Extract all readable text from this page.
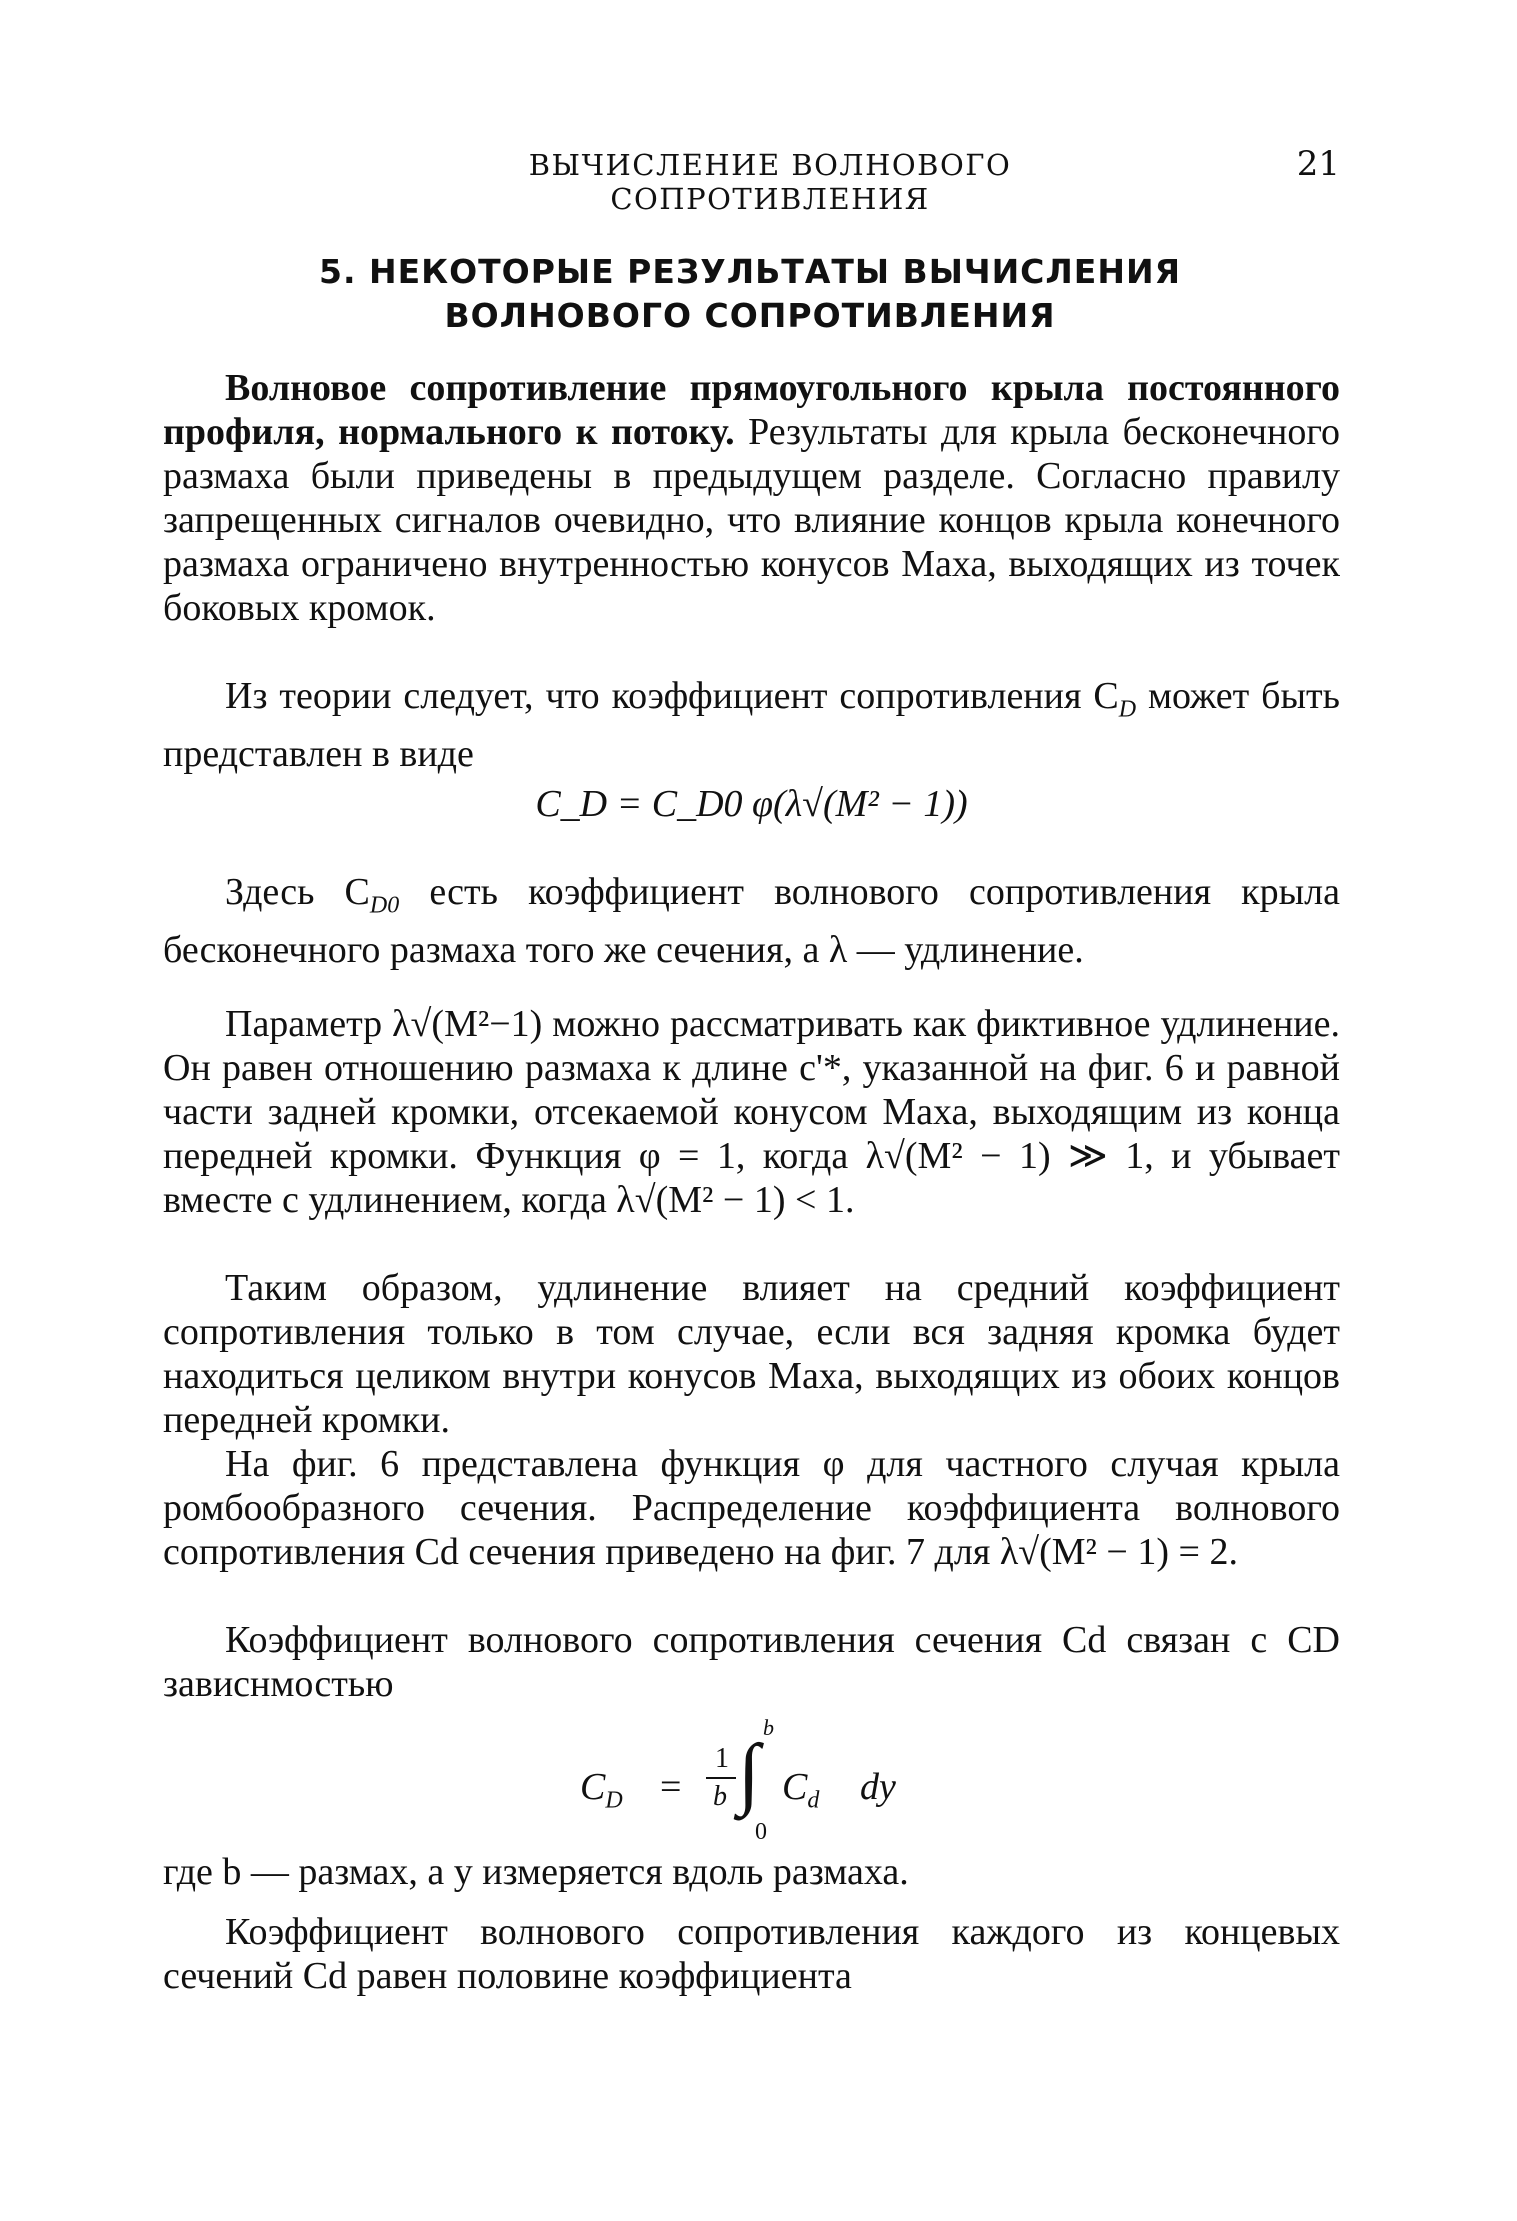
ВЫЧИСЛЕНИЕ ВОЛНОВОГО СОПРОТИВЛЕНИЯ
21
5. НЕКОТОРЫЕ РЕЗУЛЬТАТЫ ВЫЧИСЛЕНИЯ
ВОЛНОВОГО СОПРОТИВЛЕНИЯ

Волновое сопротивление прямоугольного крыла постоянного профиля, нормального к потоку. Результаты для крыла бесконечного размаха были приведены в предыдущем разделе. Согласно правилу запрещенных сигналов очевидно, что влияние концов крыла конечного размаха ограничено внутренностью конусов Маха, выходящих из точек боковых кромок.

Из теории следует, что коэффициент сопротивления $C_D$ может быть представлен в виде

C_D = C_D0 φ(λ√(M² − 1))

Здесь $C_{D0}$ есть коэффициент волнового сопротивления крыла бесконечного размаха того же сечения, а λ — удлинение.

Параметр λ√(M²−1) можно рассматривать как фиктивное удлинение. Он равен отношению размаха к длине c'*, указанной на фиг. 6 и равной части задней кромки, отсекаемой конусом Маха, выходящим из конца передней кромки. Функция φ = 1, когда λ√(M² − 1) ≫ 1, и убывает вместе с удлинением, когда λ√(M² − 1) < 1.

Таким образом, удлинение влияет на средний коэффициент сопротивления только в том случае, если вся задняя кромка будет находиться целиком внутри конусов Маха, выходящих из обоих концов передней кромки.

На фиг. 6 представлена функция φ для частного случая крыла ромбообразного сечения. Распределение коэффициента волнового сопротивления Cd сечения приведено на фиг. 7 для λ√(M² − 1) = 2.

Коэффициент волнового сопротивления сечения Cd связан с CD зависнмостью

$C_D$ =
1
b ∫
b
0
$C_d$ dy

где b — размах, а y измеряется вдоль размаха.

Коэффициент волнового сопротивления каждого из концевых сечений Cd равен половине коэффициента
